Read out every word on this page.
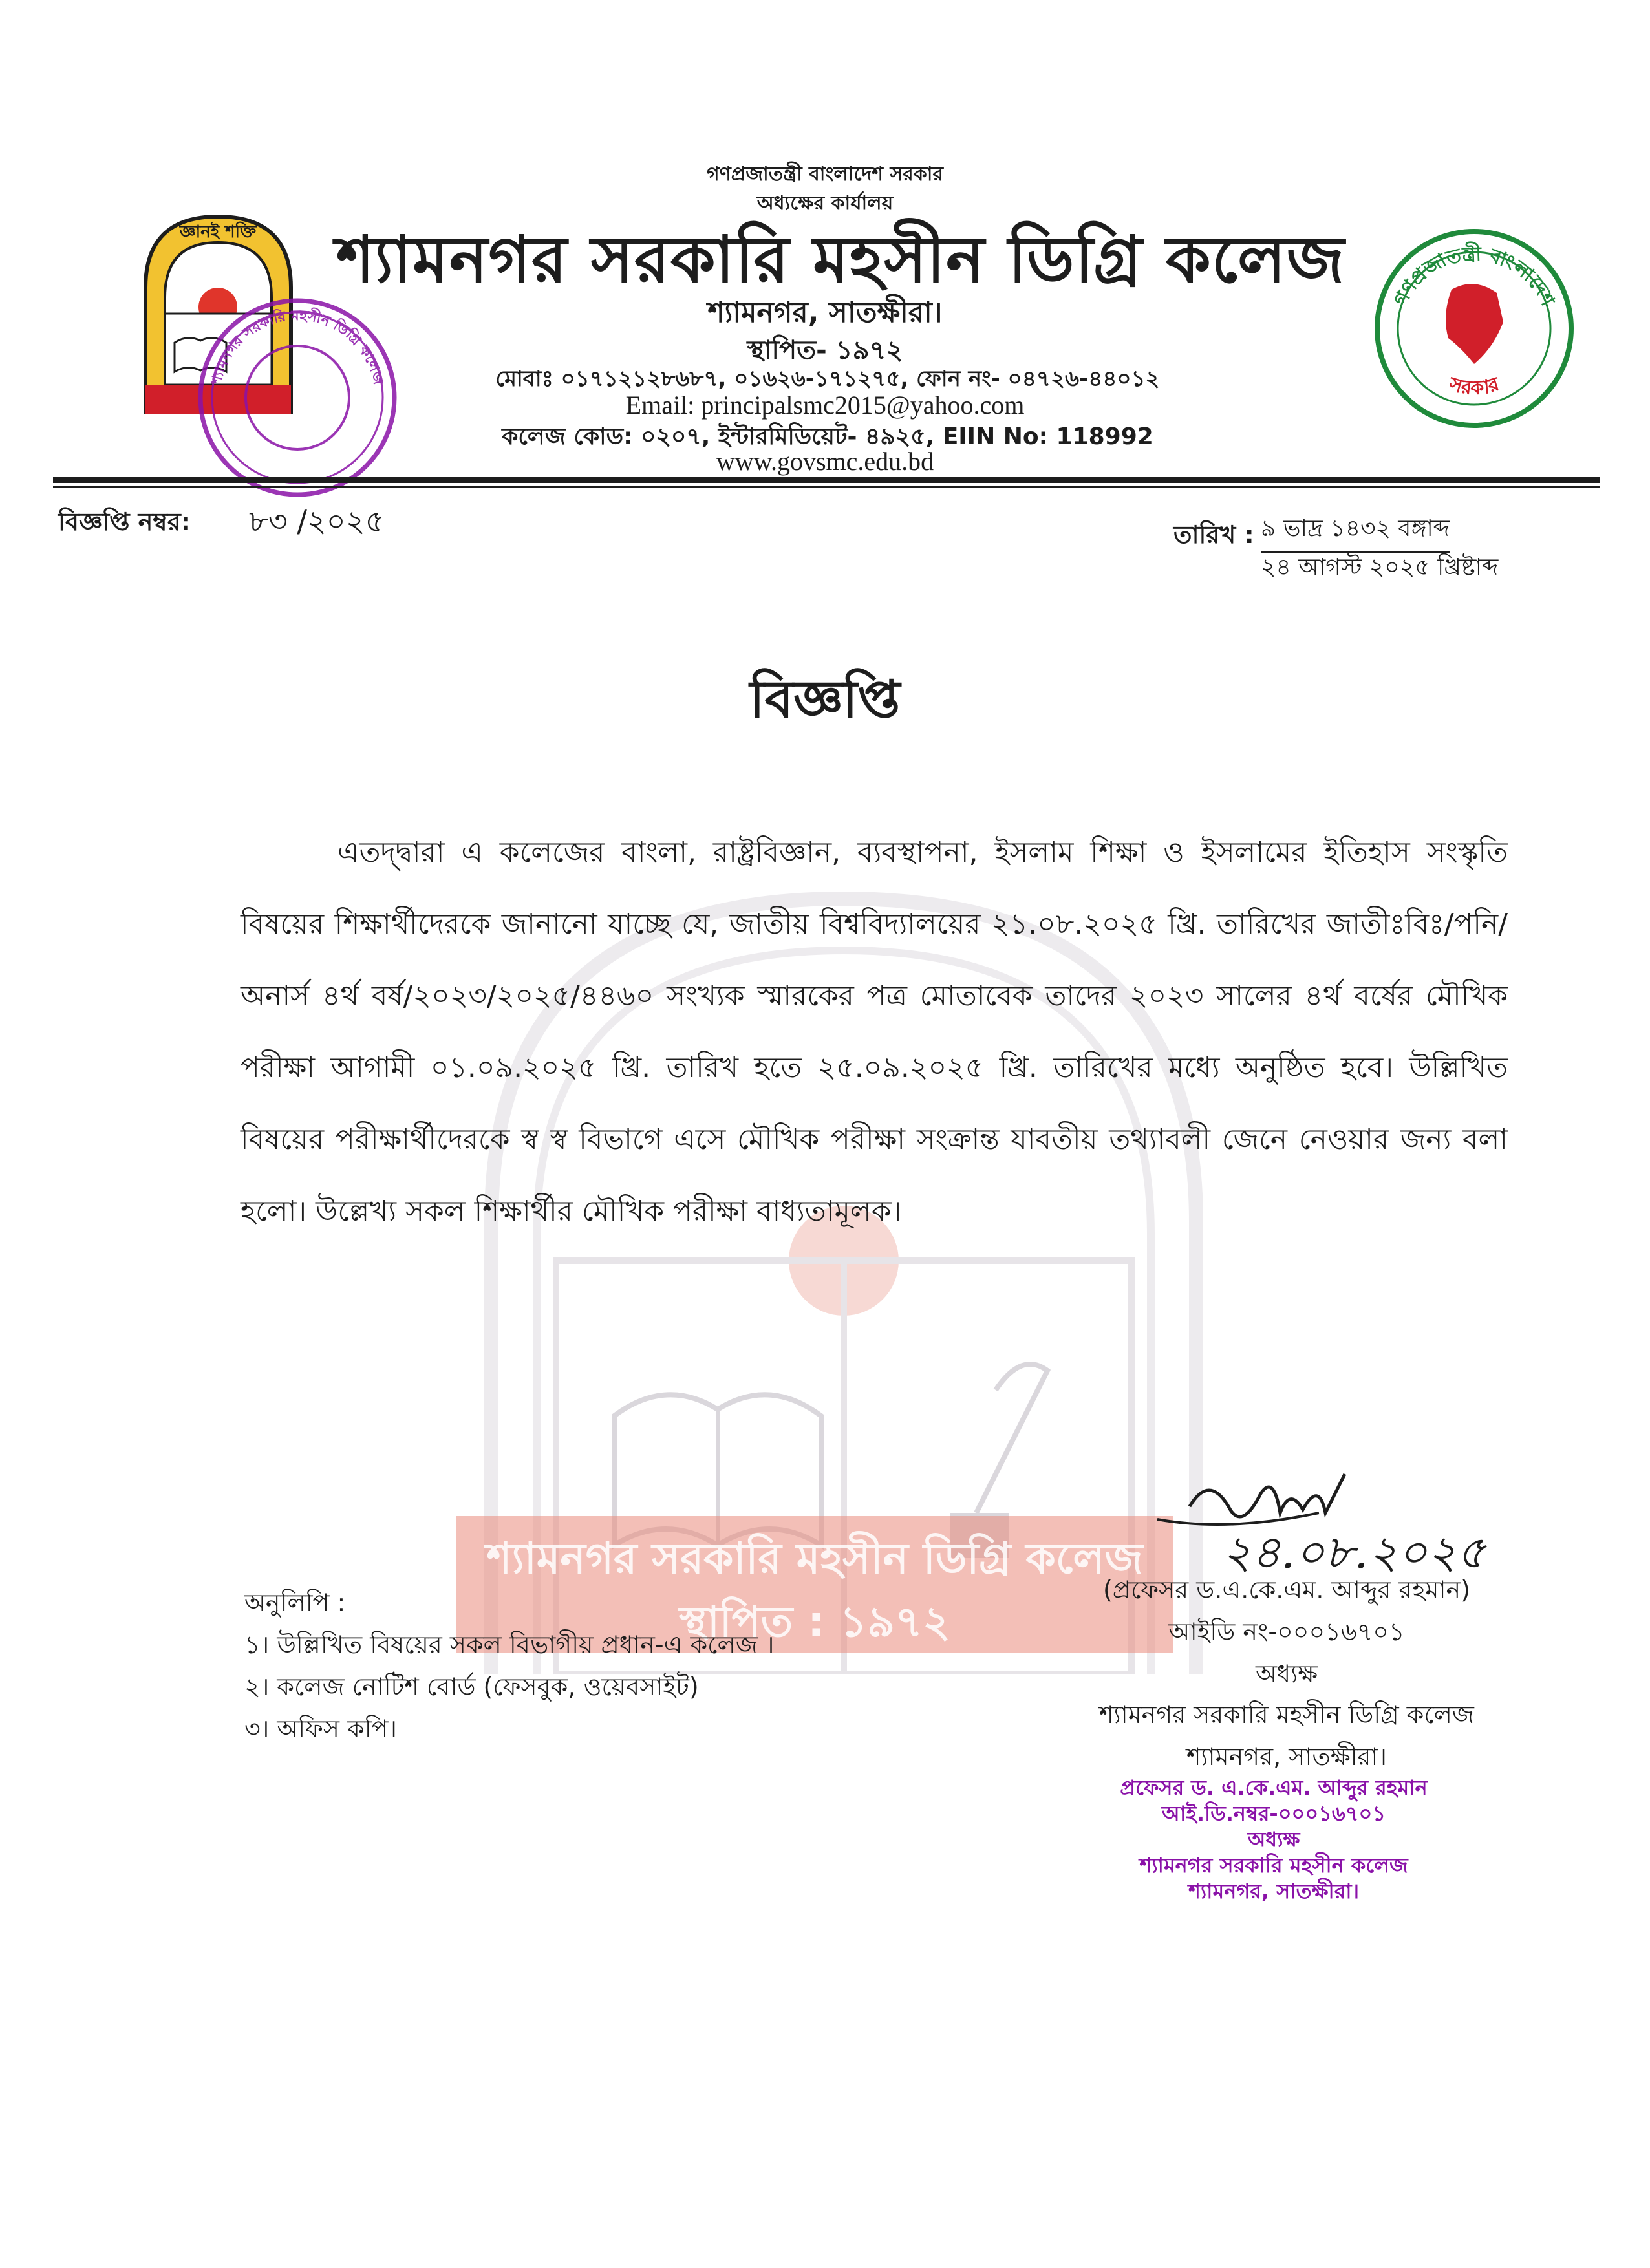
শ্যামনগর সরকারি মহসীন ডিগ্রি কলেজ
স্থাপিত : ১৯৭২
জ্ঞানই শক্তি
শ্যামনগর সরকারি মহসীন ডিগ্রি কলেজ
গণপ্রজাতন্ত্রী বাংলাদেশ
সরকার
গণপ্রজাতন্ত্রী বাংলাদেশ সরকার
অধ্যক্ষের কার্যালয়
শ্যামনগর সরকারি মহসীন ডিগ্রি কলেজ
শ্যামনগর, সাতক্ষীরা।
স্থাপিত- ১৯৭২
মোবাঃ ০১৭১২১২৮৬৮৭, ০১৬২৬-১৭১২৭৫, ফোন নং- ০৪৭২৬-৪৪০১২
Email: principalsmc2015@yahoo.com
কলেজ কোড: ০২০৭, ইন্টারমিডিয়েট- ৪৯২৫, EIIN No: 118992
www.govsmc.edu.bd
বিজ্ঞপ্তি নম্বর: ৮৩ /২০২৫	তারিখ : ৯ ভাদ্র ১৪৩২ বঙ্গাব্দ
২৪ আগস্ট ২০২৫ খ্রিষ্টাব্দ
বিজ্ঞপ্তি
এতদ্দ্বারা এ কলেজের বাংলা, রাষ্ট্রবিজ্ঞান, ব্যবস্থাপনা, ইসলাম শিক্ষা ও ইসলামের ইতিহাস সংস্কৃতি বিষয়ের শিক্ষার্থীদেরকে জানানো যাচ্ছে যে, জাতীয় বিশ্ববিদ্যালয়ের ২১.০৮.২০২৫ খ্রি. তারিখের জাতীঃবিঃ/পনি/অনার্স ৪র্থ বর্ষ/২০২৩/২০২৫/৪৪৬০ সংখ্যক স্মারকের পত্র মোতাবেক তাদের ২০২৩ সালের ৪র্থ বর্ষের মৌখিক পরীক্ষা আগামী ০১.০৯.২০২৫ খ্রি. তারিখ হতে ২৫.০৯.২০২৫ খ্রি. তারিখের মধ্যে অনুষ্ঠিত হবে। উল্লিখিত বিষয়ের পরীক্ষার্থীদেরকে স্ব স্ব বিভাগে এসে মৌখিক পরীক্ষা সংক্রান্ত যাবতীয় তথ্যাবলী জেনে নেওয়ার জন্য বলা হলো। উল্লেখ্য সকল শিক্ষার্থীর মৌখিক পরীক্ষা বাধ্যতামূলক।
২৪.০৮.২০২৫
(প্রফেসর ড.এ.কে.এম. আব্দুর রহমান)
আইডি নং-০০০১৬৭০১
অধ্যক্ষ
শ্যামনগর সরকারি মহসীন ডিগ্রি কলেজ
শ্যামনগর, সাতক্ষীরা।
প্রফেসর ড. এ.কে.এম. আব্দুর রহমান
আই.ডি.নম্বর-০০০১৬৭০১
অধ্যক্ষ
শ্যামনগর সরকারি মহসীন কলেজ
শ্যামনগর, সাতক্ষীরা।
অনুলিপি :
১। উল্লিখিত বিষয়ের সকল বিভাগীয় প্রধান-এ কলেজ ।
২। কলেজ নোটিশ বোর্ড (ফেসবুক, ওয়েবসাইট)
৩। অফিস কপি।
